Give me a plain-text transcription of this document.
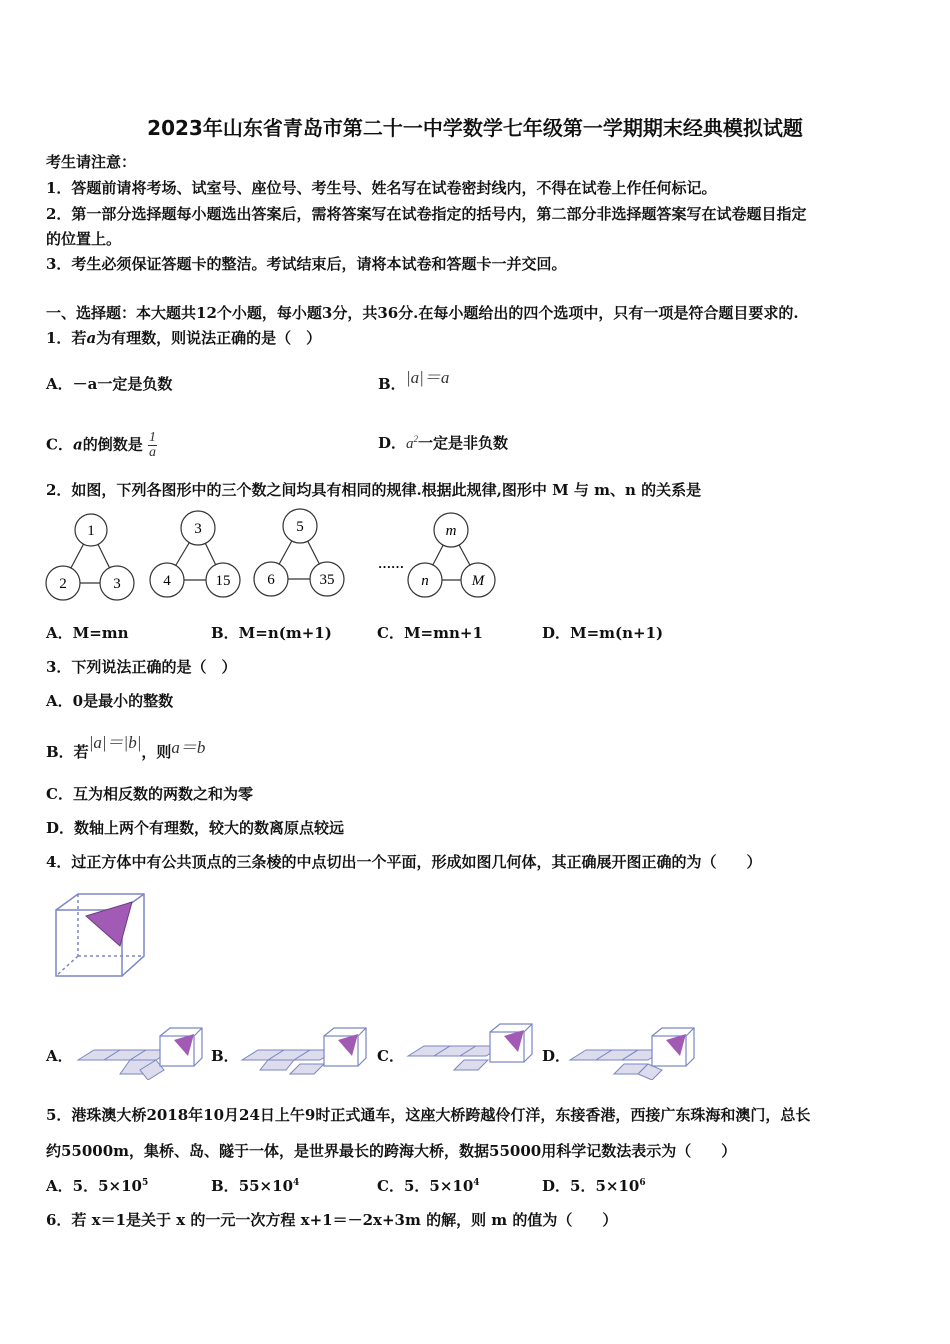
2023年山东省青岛市第二十一中学数学七年级第一学期期末经典模拟试题
考生请注意：
1．答题前请将考场、试室号、座位号、考生号、姓名写在试卷密封线内，不得在试卷上作任何标记。
2．第一部分选择题每小题选出答案后，需将答案写在试卷指定的括号内，第二部分非选择题答案写在试卷题目指定
的位置上。
3．考生必须保证答题卡的整洁。考试结束后，请将本试卷和答题卡一并交回。
一、选择题：本大题共12个小题，每小题3分，共36分.在每小题给出的四个选项中，只有一项是符合题目要求的.
1．若a为有理数，则说法正确的是（　）
A．－a一定是负数	B． |a|＝a
C．a的倒数是 $\frac{1}{a}$	D．$a^2$一定是非负数
2．如图，下列各图形中的三个数之间均具有相同的规律.根据此规律,图形中 M 与 m、n 的关系是
1
2	3
3
4	15
5
6	35
……
m
n	M
A．M=mn	B．M=n(m+1)	C．M=mn+1	D．M=m(n+1)
3．下列说法正确的是（　）
A．0是最小的整数
B．若|a|＝|b|，则a＝b
C．互为相反数的两数之和为零
D．数轴上两个有理数，较大的数离原点较远
4．过正方体中有公共顶点的三条棱的中点切出一个平面，形成如图几何体，其正确展开图正确的为（　　）
A．	B．	C．	D．
5．港珠澳大桥2018年10月24日上午9时正式通车，这座大桥跨越伶仃洋，东接香港，西接广东珠海和澳门，总长
约55000m，集桥、岛、隧于一体，是世界最长的跨海大桥，数据55000用科学记数法表示为（　　）
A．5．$5\times 10^5$	B．$55\times 10^4$	C．5．$5\times 10^4$	D．5．$5\times 10^6$
6．若 x＝1是关于 x 的一元一次方程 x+1＝－2x+3m 的解，则 m 的值为（　　）
